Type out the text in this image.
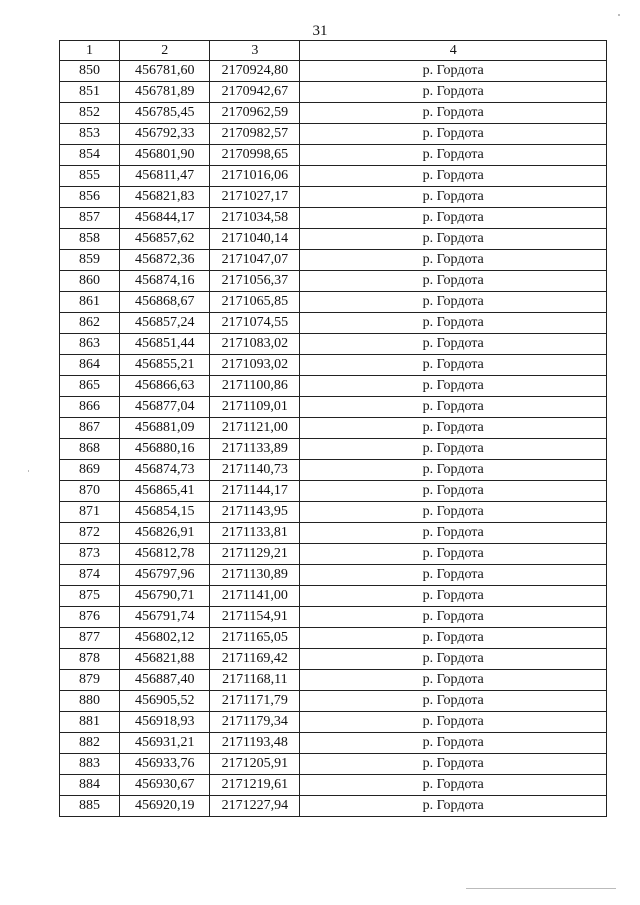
31
1	2	3	4
850	456781,60	2170924,80	р. Гордота
851	456781,89	2170942,67	р. Гордота
852	456785,45	2170962,59	р. Гордота
853	456792,33	2170982,57	р. Гордота
854	456801,90	2170998,65	р. Гордота
855	456811,47	2171016,06	р. Гордота
856	456821,83	2171027,17	р. Гордота
857	456844,17	2171034,58	р. Гордота
858	456857,62	2171040,14	р. Гордота
859	456872,36	2171047,07	р. Гордота
860	456874,16	2171056,37	р. Гордота
861	456868,67	2171065,85	р. Гордота
862	456857,24	2171074,55	р. Гордота
863	456851,44	2171083,02	р. Гордота
864	456855,21	2171093,02	р. Гордота
865	456866,63	2171100,86	р. Гордота
866	456877,04	2171109,01	р. Гордота
867	456881,09	2171121,00	р. Гордота
868	456880,16	2171133,89	р. Гордота
869	456874,73	2171140,73	р. Гордота
870	456865,41	2171144,17	р. Гордота
871	456854,15	2171143,95	р. Гордота
872	456826,91	2171133,81	р. Гордота
873	456812,78	2171129,21	р. Гордота
874	456797,96	2171130,89	р. Гордота
875	456790,71	2171141,00	р. Гордота
876	456791,74	2171154,91	р. Гордота
877	456802,12	2171165,05	р. Гордота
878	456821,88	2171169,42	р. Гордота
879	456887,40	2171168,11	р. Гордота
880	456905,52	2171171,79	р. Гордота
881	456918,93	2171179,34	р. Гордота
882	456931,21	2171193,48	р. Гордота
883	456933,76	2171205,91	р. Гордота
884	456930,67	2171219,61	р. Гордота
885	456920,19	2171227,94	р. Гордота
